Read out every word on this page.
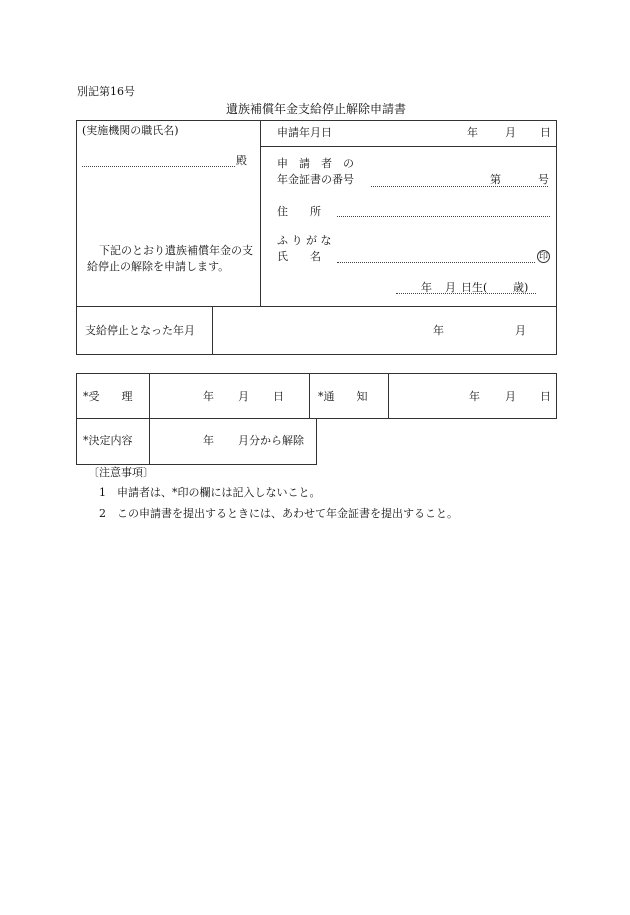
別記第16号
遺族補償年金支給停止解除申請書
(実施機関の職氏名)
殿
下記のとおり遺族補償年金の支給停止の解除を申請します。
申請年月日	年 月 日
申　請　者　の
年金証書の番号	第	号
住　　所
ふ り が な
氏　　名	印
年 月 日生( 歳)
支給停止となった年月	年	月
*受　　理	年 月 日	*通　　知	年 月 日
*決定内容	年 月分から解除
〔注意事項〕
1　申請者は、*印の欄には記入しないこと。
2　この申請書を提出するときには、あわせて年金証書を提出すること。
